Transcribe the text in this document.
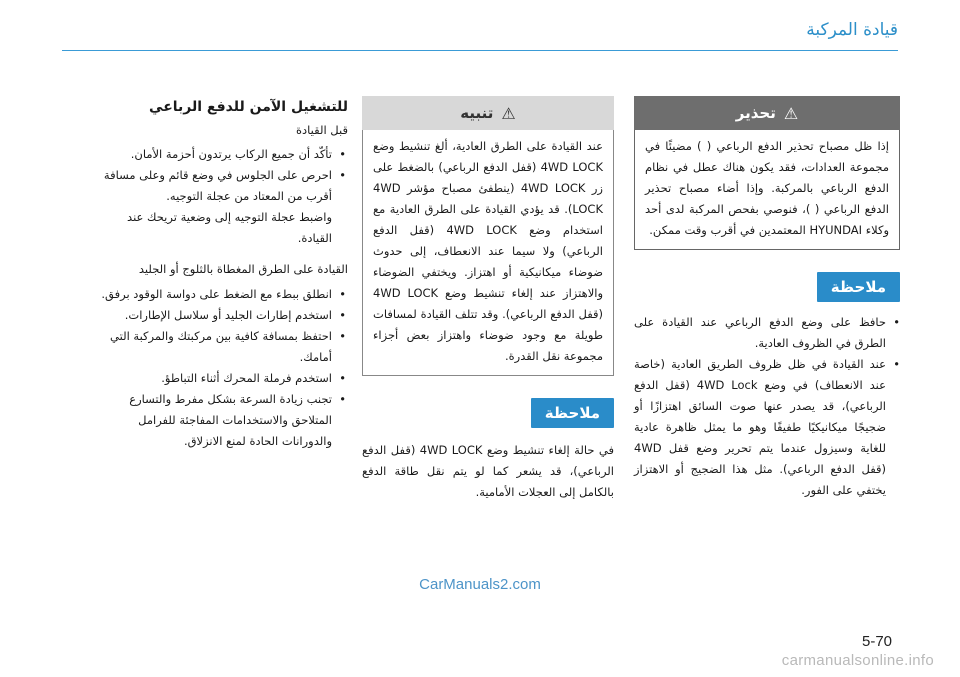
قيادة المركبة
⚠
تحذير
إذا ظل مصباح تحذير الدفع الرباعي ( ) مضيئًا في مجموعة العدادات، فقد يكون هناك عطل في نظام الدفع الرباعي بالمركبة. وإذا أضاء مصباح تحذير الدفع الرباعي ( )، فنوصي بفحص المركبة لدى أحد وكلاء HYUNDAI المعتمدين في أقرب وقت ممكن.
ملاحظة
• حافظ على وضع الدفع الرباعي عند القيادة على الطرق في الظروف العادية.
• عند القيادة في ظل ظروف الطريق العادية (خاصة عند الانعطاف) في وضع 4WD Lock (قفل الدفع الرباعي)، قد يصدر عنها صوت السائق اهتزازًا أو ضجيجًا ميكانيكيًا طفيفًا وهو ما يمثل ظاهرة عادية للغاية وسيزول عندما يتم تحرير وضع قفل 4WD (قفل الدفع الرباعي). مثل هذا الضجيج أو الاهتزاز يختفي على الفور.
⚠
تنبيه
عند القيادة على الطرق العادية، ألغ تنشيط وضع 4WD LOCK (قفل الدفع الرباعي) بالضغط على زر 4WD LOCK (ينطفئ مصباح مؤشر 4WD LOCK). قد يؤدي القيادة على الطرق العادية مع استخدام وضع 4WD LOCK (قفل الدفع الرباعي) ولا سيما عند الانعطاف، إلى حدوث ضوضاء ميكانيكية أو اهتزاز. ويختفي الضوضاء والاهتزاز عند إلغاء تنشيط وضع 4WD LOCK (قفل الدفع الرباعي). وقد تتلف القيادة لمسافات طويلة مع وجود ضوضاء واهتزاز بعض أجزاء مجموعة نقل القدرة.
ملاحظة
في حالة إلغاء تنشيط وضع 4WD LOCK (قفل الدفع الرباعي)، قد يشعر كما لو يتم نقل طاقة الدفع بالكامل إلى العجلات الأمامية.
للتشغيل الآمن للدفع الرباعي
قبل القيادة
• تأكّد أن جميع الركاب يرتدون أحزمة الأمان.
• احرص على الجلوس في وضع قائم وعلى مسافة أقرب من المعتاد من عجلة التوجيه.
واضبط عجلة التوجيه إلى وضعية تريحك عند القيادة.
القيادة على الطرق المغطاة بالثلوج أو الجليد
• انطلق ببطء مع الضغط على دواسة الوقود برفق.
• استخدم إطارات الجليد أو سلاسل الإطارات.
• احتفظ بمسافة كافية بين مركبتك والمركبة التي أمامك.
• استخدم فرملة المحرك أثناء التباطؤ.
• تجنب زيادة السرعة بشكل مفرط والتسارع المتلاحق والاستخدامات المفاجئة للفرامل والدورانات الحادة لمنع الانزلاق.
CarManuals2.com
5-70
carmanualsonline.info
